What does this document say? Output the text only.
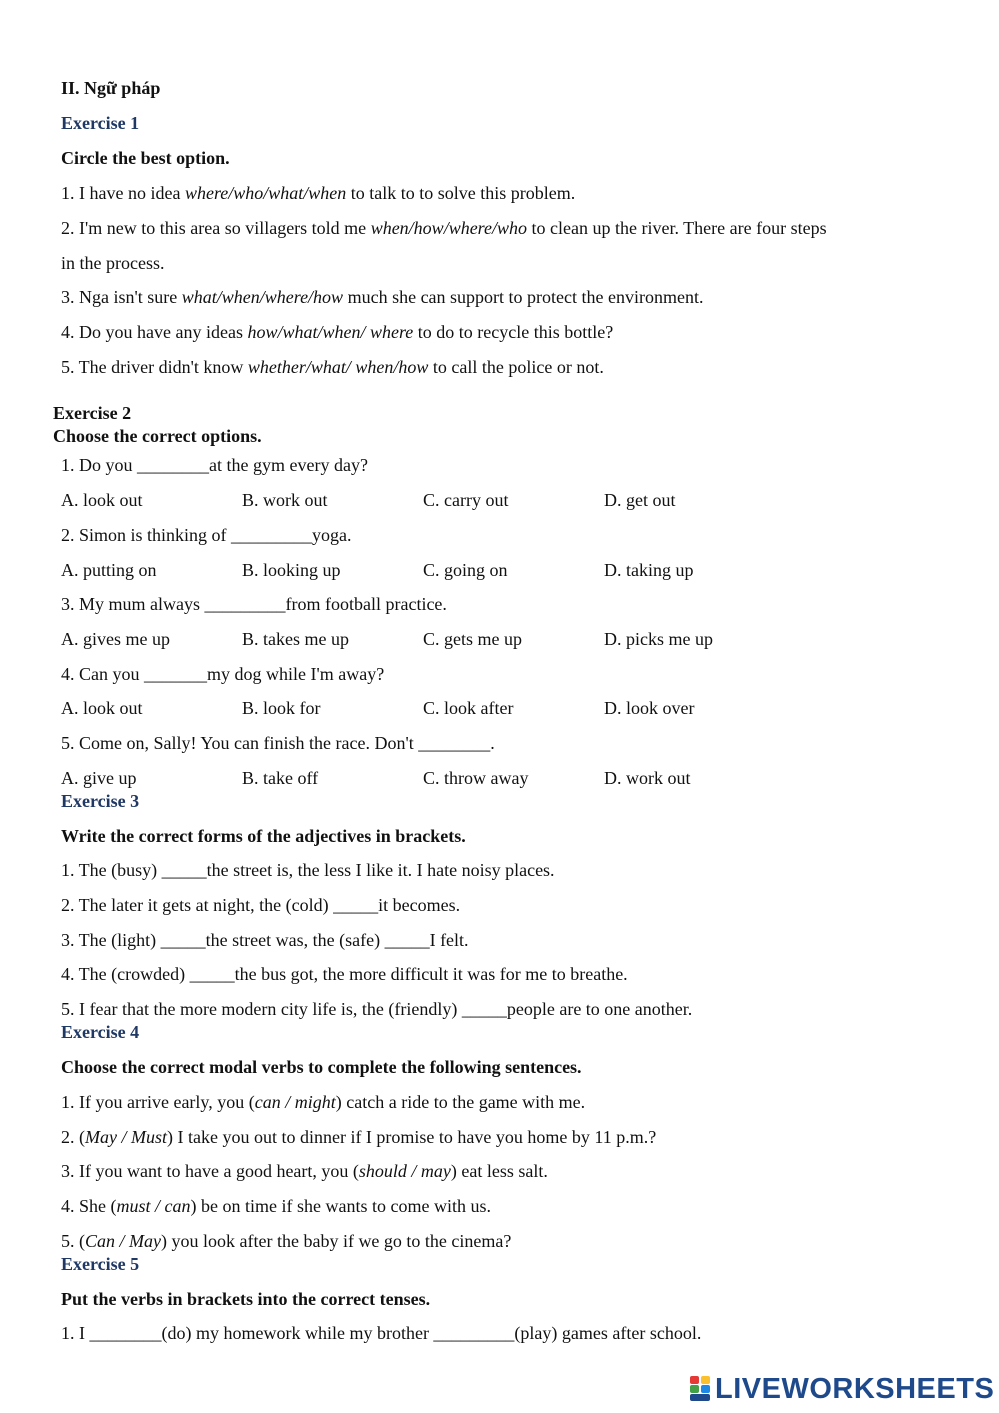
II. Ngữ pháp
Exercise 1
Circle the best option.
1. I have no idea where/who/what/when to talk to to solve this problem.
2. I'm new to this area so villagers told me when/how/where/who to clean up the river. There are four steps
in the process.
3. Nga isn't sure what/when/where/how much she can support to protect the environment.
4. Do you have any ideas how/what/when/ where to do to recycle this bottle?
5. The driver didn't know whether/what/ when/how to call the police or not.
Exercise 2
Choose the correct options.
1. Do you ________at the gym every day?
A. look out	B. work out	C. carry out	D. get out
2. Simon is thinking of _________yoga.
A. putting on	B. looking up	C. going on	D. taking up
3. My mum always _________from football practice.
A. gives me up	B. takes me up	C. gets me up	D. picks me up
4. Can you _______my dog while I'm away?
A. look out	B. look for	C. look after	D. look over
5. Come on, Sally! You can finish the race. Don't ________.
A. give up	B. take off	C. throw away	D. work out
Exercise 3
Write the correct forms of the adjectives in brackets.
1. The (busy) _____the street is, the less I like it. I hate noisy places.
2. The later it gets at night, the (cold) _____it becomes.
3. The (light) _____the street was, the (safe) _____I felt.
4. The (crowded) _____the bus got, the more difficult it was for me to breathe.
5. I fear that the more modern city life is, the (friendly) _____people are to one another.
Exercise 4
Choose the correct modal verbs to complete the following sentences.
1. If you arrive early, you (can / might) catch a ride to the game with me.
2. (May / Must) I take you out to dinner if I promise to have you home by 11 p.m.?
3. If you want to have a good heart, you (should / may) eat less salt.
4. She (must / can) be on time if she wants to come with us.
5. (Can / May) you look after the baby if we go to the cinema?
Exercise 5
Put the verbs in brackets into the correct tenses.
1. I ________(do) my homework while my brother _________(play) games after school.
LIVEWORKSHEETS
